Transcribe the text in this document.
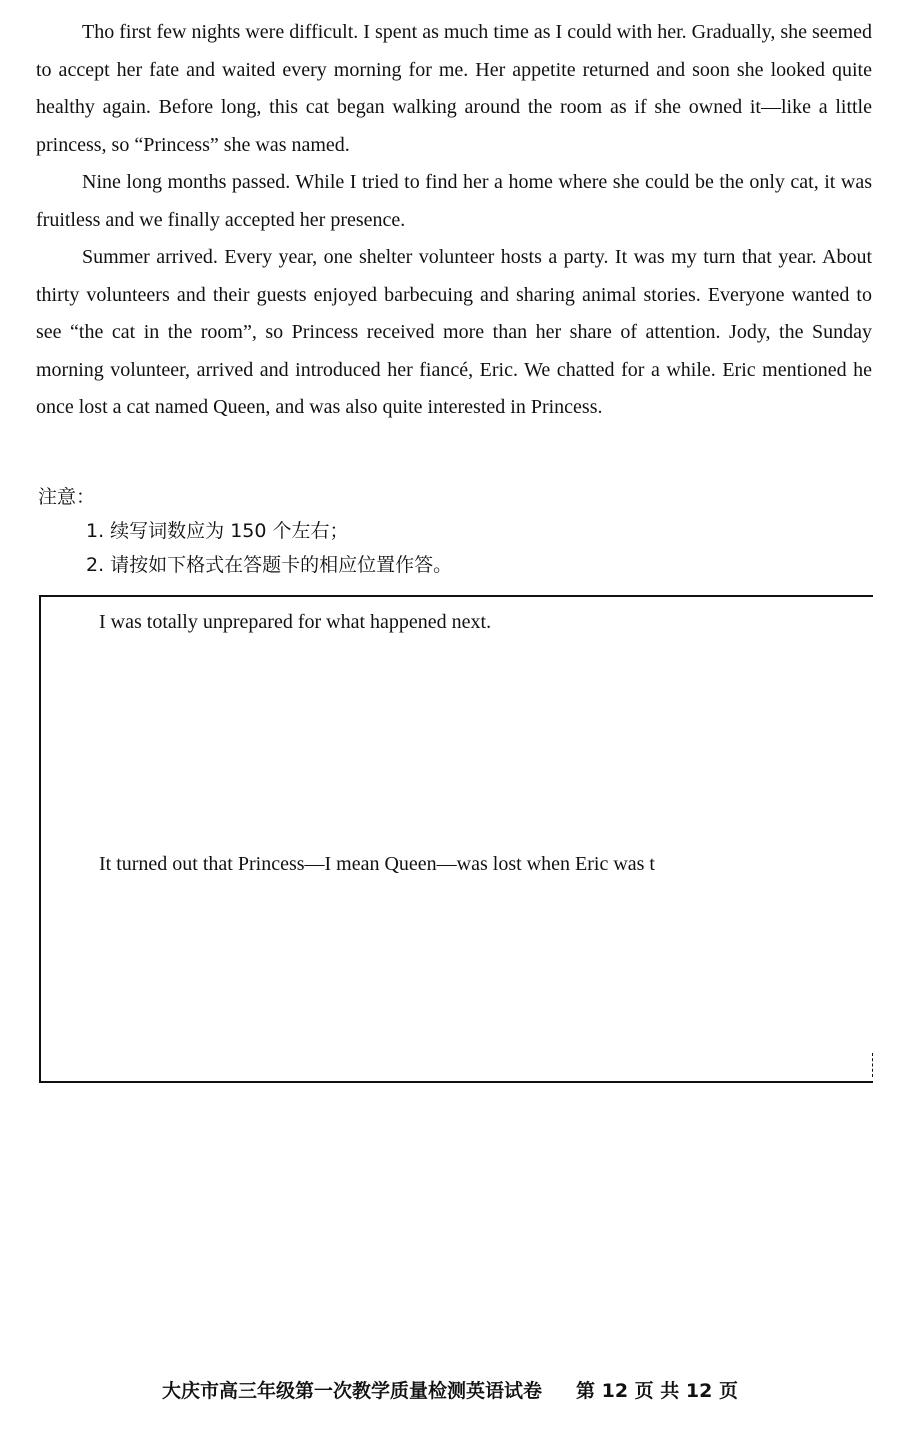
Tho first few nights were difficult. I spent as much time as I could with her. Gradually, she seemed to accept her fate and waited every morning for me. Her appetite returned and soon she looked quite healthy again. Before long, this cat began walking around the room as if she owned it—like a little princess, so “Princess” she was named.

Nine long months passed. While I tried to find her a home where she could be the only cat, it was fruitless and we finally accepted her presence.

Summer arrived. Every year, one shelter volunteer hosts a party. It was my turn that year. About thirty volunteers and their guests enjoyed barbecuing and sharing animal stories. Everyone wanted to see “the cat in the room”, so Princess received more than her share of attention. Jody, the Sunday morning volunteer, arrived and introduced her fiancé, Eric. We chatted for a while. Eric mentioned he once lost a cat named Queen, and was also quite interested in Princess.

注意：
1. 续写词数应为 150 个左右；
2. 请按如下格式在答题卡的相应位置作答。
I was totally unprepared for what happened next.
It turned out that Princess—I mean Queen—was lost when Eric was t
大庆市高三年级第一次教学质量检测英语试卷 第 12 页 共 12 页
